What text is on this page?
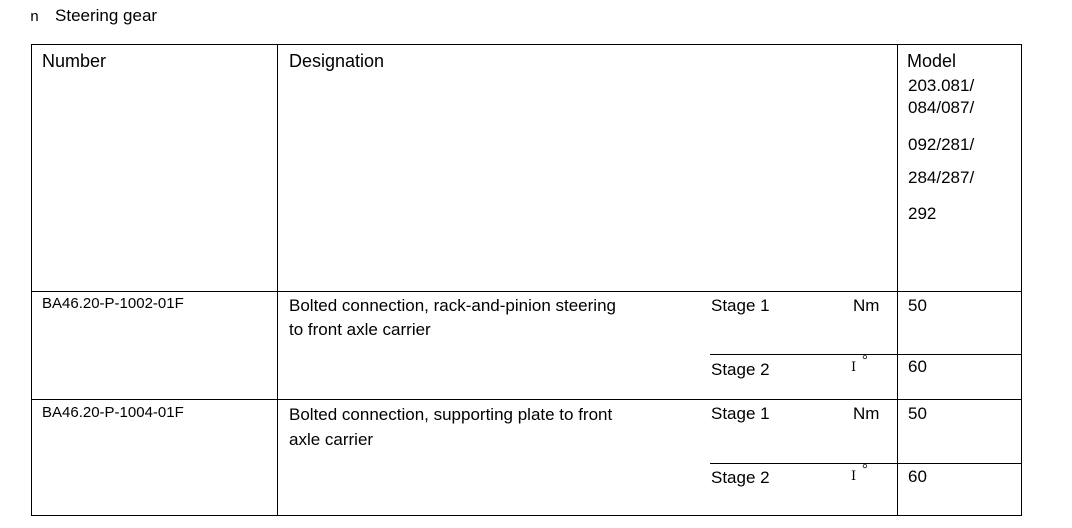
n Steering gear
Number	Designation	Model
203.081/
084/087/
092/281/
284/287/
292
BA46.20-P-1002-01F	Bolted connection, rack-and-pinion steering
to front axle carrier
Stage 1	Nm 50
Stage 2	I ° 60
BA46.20-P-1004-01F	Bolted connection, supporting plate to front
axle carrier
Stage 1	Nm 50
Stage 2	I ° 60
